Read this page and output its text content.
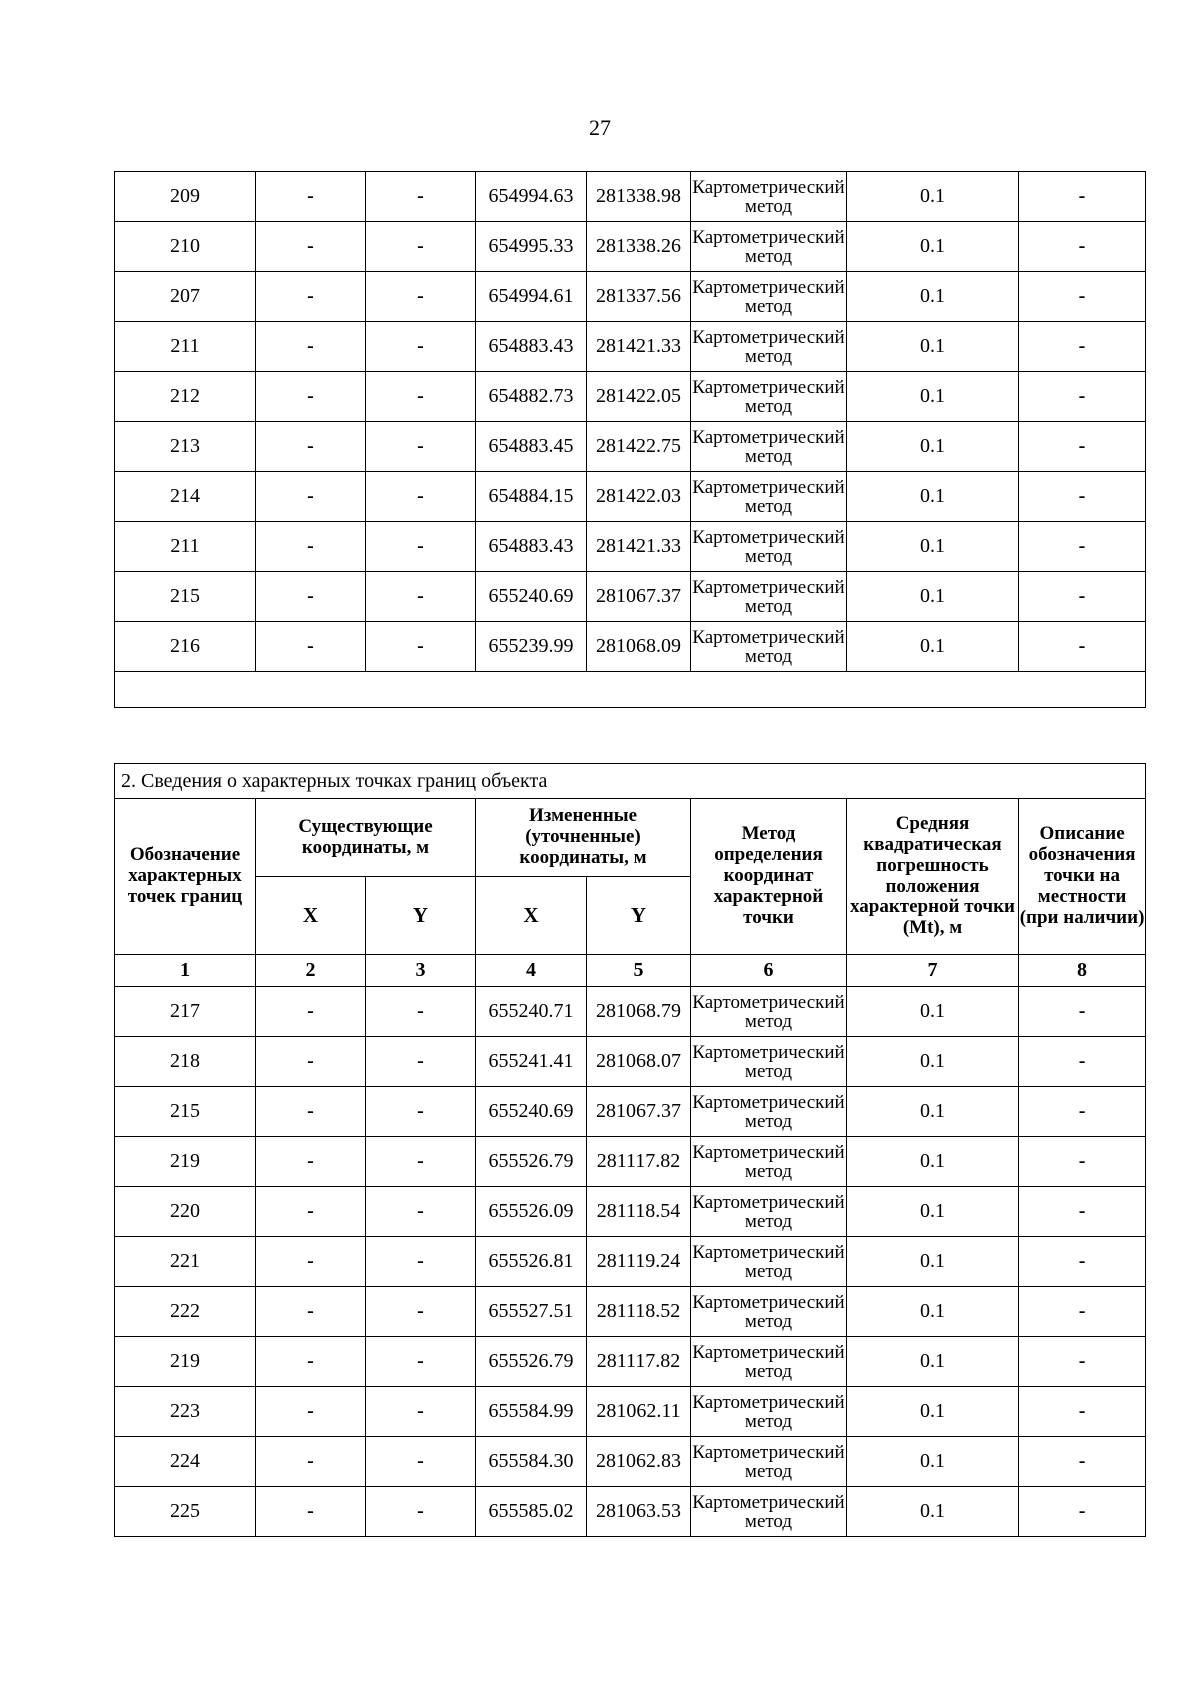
27
209	-	-	654994.63	281338.98	Картометрический метод	0.1	-
210	-	-	654995.33	281338.26	Картометрический метод	0.1	-
207	-	-	654994.61	281337.56	Картометрический метод	0.1	-
211	-	-	654883.43	281421.33	Картометрический метод	0.1	-
212	-	-	654882.73	281422.05	Картометрический метод	0.1	-
213	-	-	654883.45	281422.75	Картометрический метод	0.1	-
214	-	-	654884.15	281422.03	Картометрический метод	0.1	-
211	-	-	654883.43	281421.33	Картометрический метод	0.1	-
215	-	-	655240.69	281067.37	Картометрический метод	0.1	-
216	-	-	655239.99	281068.09	Картометрический метод	0.1	-

2. Сведения о характерных точках границ объекта							
Обозначение характерных точек границ	Существующие координаты, м		Измененные (уточненные) координаты, м		Метод определения координат характерной точки	Средняя квадратическая погрешность положения характерной точки (Mt), м	Описание обозначения точки на местности (при наличии)
	X	Y	X	Y			
1	2	3	4	5	6	7	8
217	-	-	655240.71	281068.79	Картометрический метод	0.1	-
218	-	-	655241.41	281068.07	Картометрический метод	0.1	-
215	-	-	655240.69	281067.37	Картометрический метод	0.1	-
219	-	-	655526.79	281117.82	Картометрический метод	0.1	-
220	-	-	655526.09	281118.54	Картометрический метод	0.1	-
221	-	-	655526.81	281119.24	Картометрический метод	0.1	-
222	-	-	655527.51	281118.52	Картометрический метод	0.1	-
219	-	-	655526.79	281117.82	Картометрический метод	0.1	-
223	-	-	655584.99	281062.11	Картометрический метод	0.1	-
224	-	-	655584.30	281062.83	Картометрический метод	0.1	-
225	-	-	655585.02	281063.53	Картометрический метод	0.1	-
